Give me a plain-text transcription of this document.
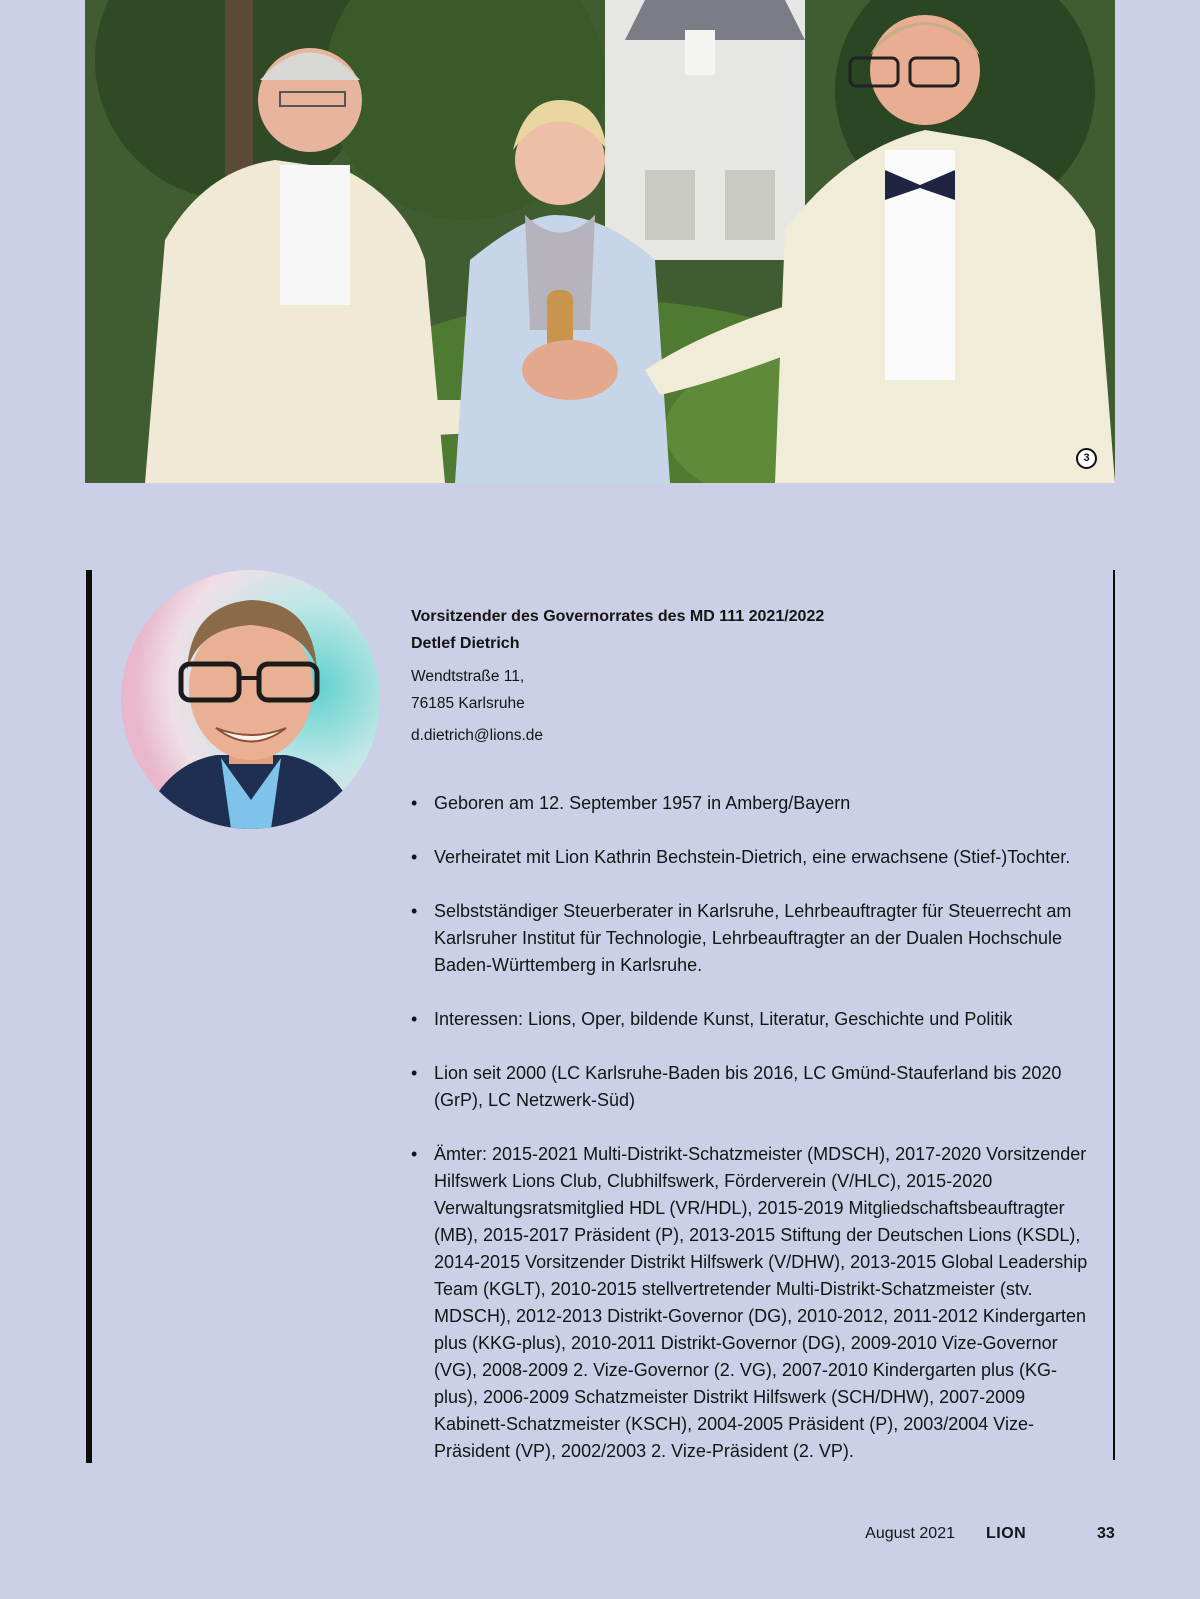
3

Vorsitzender des Governorrates des MD 111 2021/2022

Detlef Dietrich

Wendtstraße 11,
76185 Karlsruhe
d.dietrich@lions.de
• Geboren am 12. September 1957 in Amberg/Bayern
• Verheiratet mit Lion Kathrin Bechstein-Dietrich, eine erwachsene (Stief-)Tochter.
• Selbstständiger Steuerberater in Karlsruhe, Lehrbeauftragter für Steuerrecht am Karlsruher Institut für Technologie, Lehrbeauftragter an der Dualen Hochschule Baden-Württemberg in Karlsruhe.
• Interessen: Lions, Oper, bildende Kunst, Literatur, Geschichte und Politik
• Lion seit 2000 (LC Karlsruhe-Baden bis 2016, LC Gmünd-Stauferland bis 2020 (GrP), LC Netzwerk-Süd)
• Ämter: 2015-2021 Multi-Distrikt-Schatzmeister (MDSCH), 2017-2020 Vorsitzender Hilfswerk Lions Club, Clubhilfswerk, Förderverein (V/HLC), 2015-2020 Verwaltungsratsmitglied HDL (VR/HDL), 2015-2019 Mitgliedschaftsbeauftragter (MB), 2015-2017 Präsident (P), 2013-2015 Stiftung der Deutschen Lions (KSDL), 2014-2015 Vorsitzender Distrikt Hilfswerk (V/DHW), 2013-2015 Global Leadership Team (KGLT), 2010-2015 stellvertretender Multi-Distrikt-Schatzmeister (stv. MDSCH), 2012-2013 Distrikt-Governor (DG), 2010-2012, 2011-2012 Kindergarten plus (KKG-plus), 2010-2011 Distrikt-Governor (DG), 2009-2010 Vize-Governor (VG), 2008-2009 2. Vize-Governor (2. VG), 2007-2010 Kindergarten plus (KG-plus), 2006-2009 Schatzmeister Distrikt Hilfswerk (SCH/DHW), 2007-2009 Kabinett-Schatzmeister (KSCH), 2004-2005 Präsident (P), 2003/2004 Vize-Präsident (VP), 2002/2003 2. Vize-Präsident (2. VP).
August 2021 LION	33
